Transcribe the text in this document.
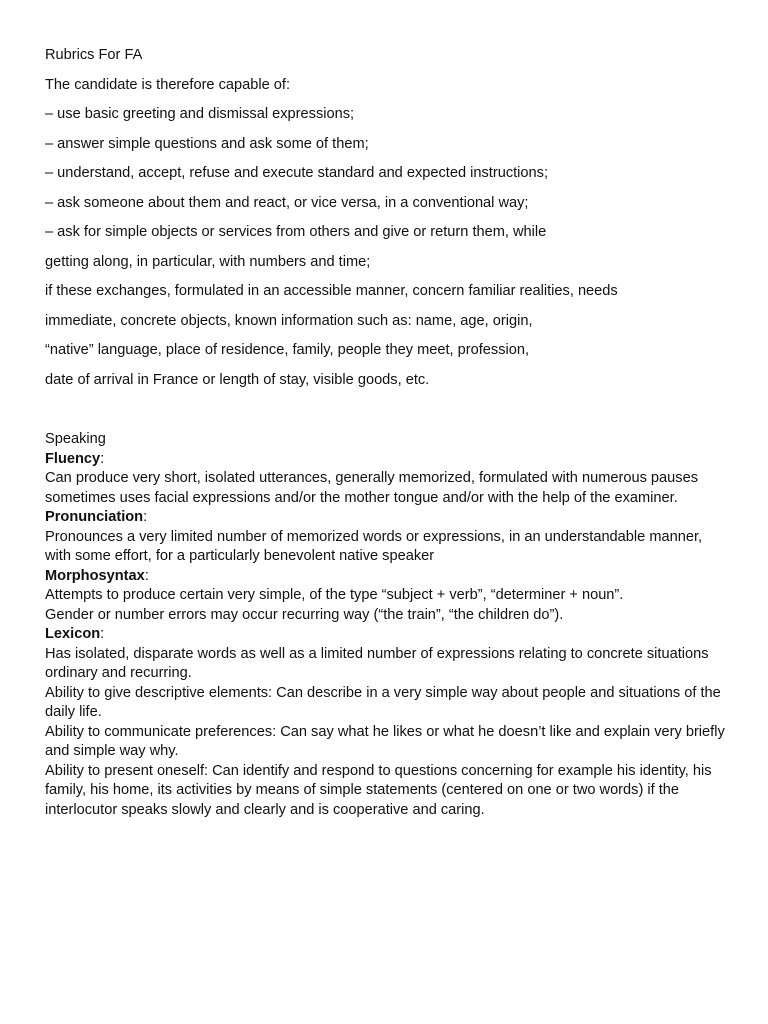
Rubrics For FA

The candidate is therefore capable of:

– use basic greeting and dismissal expressions;

– answer simple questions and ask some of them;

– understand, accept, refuse and execute standard and expected instructions;

– ask someone about them and react, or vice versa, in a conventional way;

– ask for simple objects or services from others and give or return them, while

getting along, in particular, with numbers and time;

if these exchanges, formulated in an accessible manner, concern familiar realities, needs

immediate, concrete objects, known information such as: name, age, origin,

“native” language, place of residence, family, people they meet, profession,

date of arrival in France or length of stay, visible goods, etc.

Speaking

Fluency:

Can produce very short, isolated utterances, generally memorized, formulated with numerous pauses sometimes uses facial expressions and/or the mother tongue and/or with the help of the examiner.

Pronunciation:

Pronounces a very limited number of memorized words or expressions, in an understandable manner, with some effort, for a particularly benevolent native speaker

Morphosyntax:

Attempts to produce certain very simple, of the type “subject + verb”, “determiner + noun”.

Gender or number errors may occur recurring way (“the train”, “the children do”).

Lexicon:

Has isolated, disparate words as well as a limited number of expressions relating to concrete situations ordinary and recurring.

Ability to give descriptive elements: Can describe in a very simple way about people and situations of the daily life.

Ability to communicate preferences: Can say what he likes or what he doesn’t like and explain very briefly and simple way why.

Ability to present oneself: Can identify and respond to questions concerning for example his identity, his family, his home, its activities by means of simple statements (centered on one or two words) if the interlocutor speaks slowly and clearly and is cooperative and caring.
